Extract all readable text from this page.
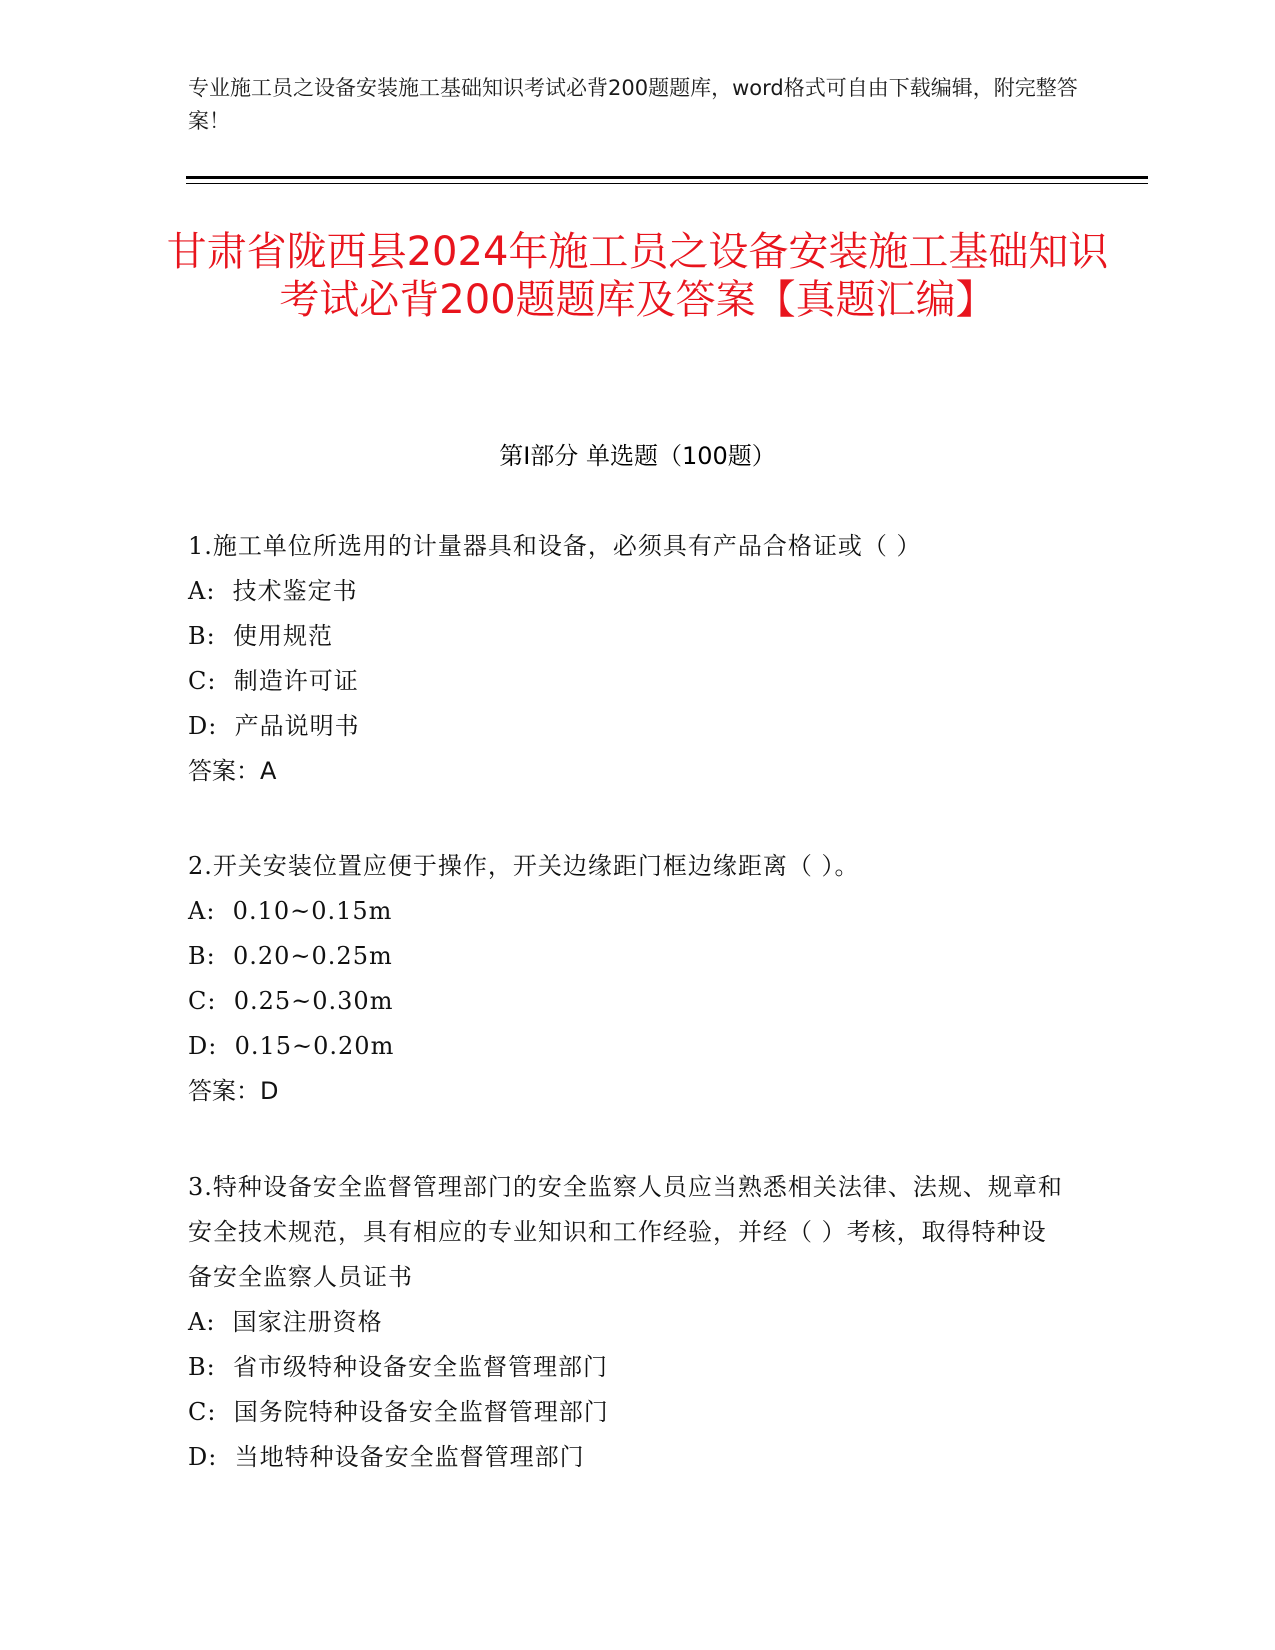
专业施工员之设备安装施工基础知识考试必背200题题库，word格式可自由下载编辑，附完整答案！
甘肃省陇西县2024年施工员之设备安装施工基础知识考试必背200题题库及答案【真题汇编】
第Ⅰ部分 单选题（100题）

1.施工单位所选用的计量器具和设备，必须具有产品合格证或（ ）

A:  技术鉴定书

B:  使用规范

C:  制造许可证

D:  产品说明书

答案：A

2.开关安装位置应便于操作，开关边缘距门框边缘距离（ ）。

A:  0.10~0.15m

B:  0.20~0.25m

C:  0.25~0.30m

D:  0.15~0.20m

答案：D

3.特种设备安全监督管理部门的安全监察人员应当熟悉相关法律、法规、规章和安全技术规范，具有相应的专业知识和工作经验，并经（ ）考核，取得特种设备安全监察人员证书

A:  国家注册资格

B:  省市级特种设备安全监督管理部门

C:  国务院特种设备安全监督管理部门

D:  当地特种设备安全监督管理部门
